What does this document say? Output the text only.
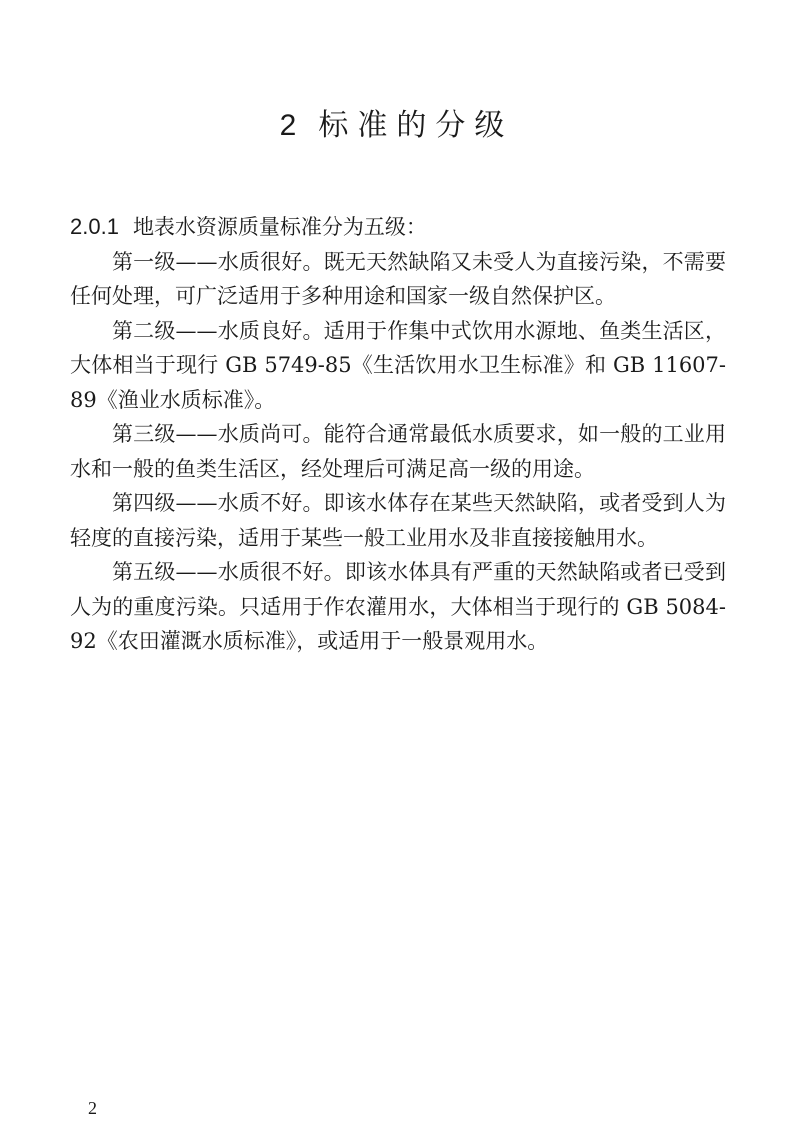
2 标准的分级

2.0.1 地表水资源质量标准分为五级：

第一级——水质很好。既无天然缺陷又未受人为直接污染，不需要任何处理，可广泛适用于多种用途和国家一级自然保护区。

第二级——水质良好。适用于作集中式饮用水源地、鱼类生活区，大体相当于现行 GB 5749-85《生活饮用水卫生标准》和 GB 11607-89《渔业水质标准》。

第三级——水质尚可。能符合通常最低水质要求，如一般的工业用水和一般的鱼类生活区，经处理后可满足高一级的用途。

第四级——水质不好。即该水体存在某些天然缺陷，或者受到人为轻度的直接污染，适用于某些一般工业用水及非直接接触用水。

第五级——水质很不好。即该水体具有严重的天然缺陷或者已受到人为的重度污染。只适用于作农灌用水，大体相当于现行的 GB 5084-92《农田灌溉水质标准》，或适用于一般景观用水。

2
